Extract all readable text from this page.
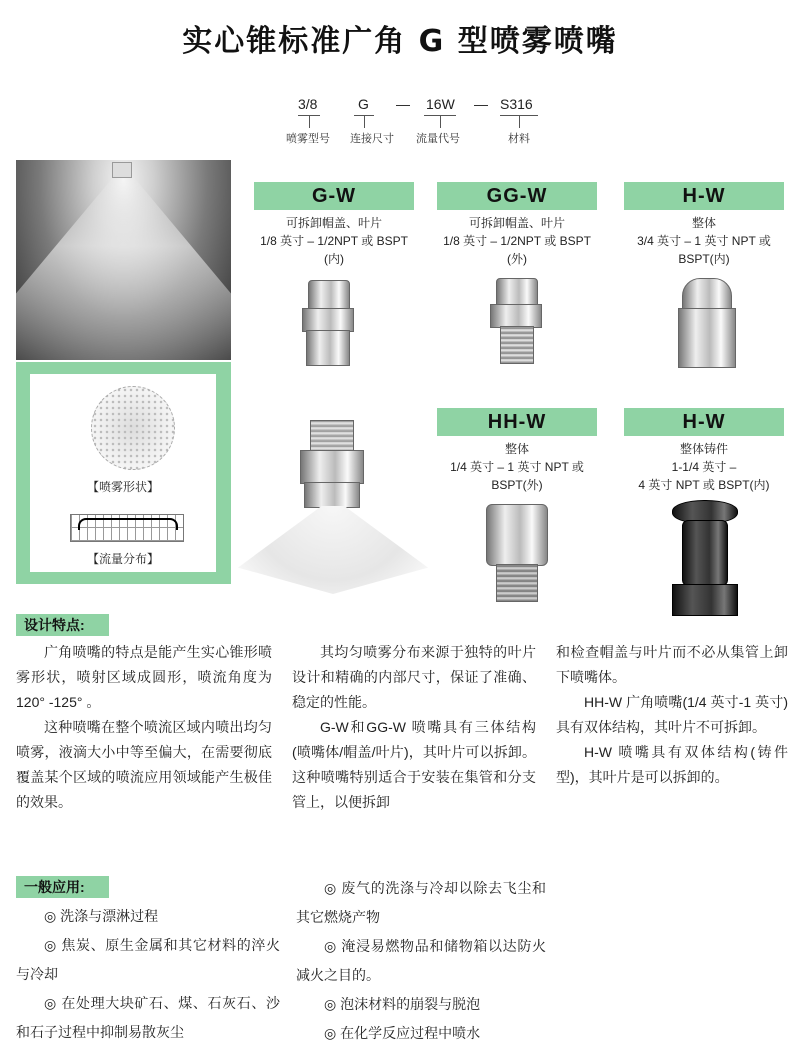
实心锥标准广角 G 型喷雾喷嘴
3/8	G — 16W — S316
喷雾型号 连接尺寸 流量代号	材料
【喷雾形状】
【流量分布】
G-W
可拆卸帽盖、叶片
1/8 英寸 – 1/2NPT 或 BSPT
(内)
GG-W
可拆卸帽盖、叶片
1/8 英寸 – 1/2NPT 或 BSPT
(外)
H-W
整体
3/4 英寸 – 1 英寸 NPT 或
BSPT(内)
HH-W
整体
1/4 英寸 – 1 英寸 NPT 或
BSPT(外)
H-W
整体铸件
1-1/4 英寸 –
4 英寸 NPT 或 BSPT(内)
设计特点:

广角喷嘴的特点是能产生实心锥形喷雾形状，喷射区域成圆形，喷流角度为 120° -125° 。

这种喷嘴在整个喷流区域内喷出均匀喷雾，液滴大小中等至偏大，在需要彻底覆盖某个区域的喷流应用领域能产生极佳的效果。

其均匀喷雾分布来源于独特的叶片设计和精确的内部尺寸，保证了准确、稳定的性能。

G-W和GG-W 喷嘴具有三体结构(喷嘴体/帽盖/叶片)，其叶片可以拆卸。这种喷嘴特别适合于安装在集管和分支管上，以便拆卸

和检查帽盖与叶片而不必从集管上卸下喷嘴体。

HH-W 广角喷嘴(1/4 英寸-1 英寸)具有双体结构，其叶片不可拆卸。

H-W 喷嘴具有双体结构(铸件型)，其叶片是可以拆卸的。

一般应用:

◎ 洗涤与漂淋过程

◎ 焦炭、原生金属和其它材料的淬火与冷却

◎ 在处理大块矿石、煤、石灰石、沙和石子过程中抑制易散灰尘

◎ 废气的洗涤与冷却以除去飞尘和其它燃烧产物

◎ 淹浸易燃物品和储物箱以达防火减火之目的。

◎ 泡沫材料的崩裂与脱泡

◎ 在化学反应过程中喷水
